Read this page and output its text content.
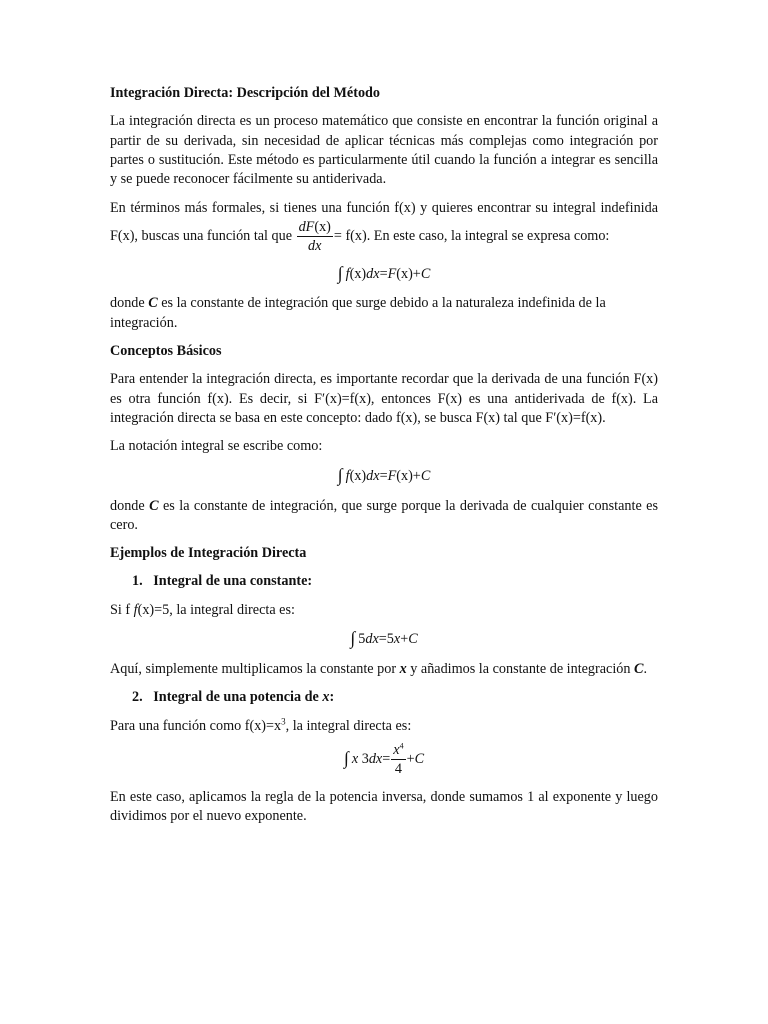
Integración Directa: Descripción del Método

La integración directa es un proceso matemático que consiste en encontrar la función original a partir de su derivada, sin necesidad de aplicar técnicas más complejas como integración por partes o sustitución. Este método es particularmente útil cuando la función a integrar es sencilla y se puede reconocer fácilmente su antiderivada.

En términos más formales, si tienes una función f(x) y quieres encontrar su integral indefinida F(x), buscas una función tal que $\frac{dF(x)}{dx} = f(x)$. En este caso, la integral se expresa como:

∫ f(x)dx=F(x)+C

donde C es la constante de integración que surge debido a la naturaleza indefinida de la integración.

Conceptos Básicos

Para entender la integración directa, es importante recordar que la derivada de una función F(x) es otra función f(x). Es decir, si F′(x)=f(x), entonces F(x) es una antiderivada de f(x). La integración directa se basa en este concepto: dado f(x), se busca F(x) tal que F′(x)=f(x).

La notación integral se escribe como:

∫ f(x)dx=F(x)+C

donde C es la constante de integración, que surge porque la derivada de cualquier constante es cero.

Ejemplos de Integración Directa

1.   Integral de una constante:

Si f f(x)=5, la integral directa es:

∫ 5dx=5x+C

Aquí, simplemente multiplicamos la constante por x y añadimos la constante de integración C.

2.   Integral de una potencia de x:

Para una función como $f(x)=x^3$, la integral directa es:

∫ x $3dx= \frac{x^4}{4} +C$

En este caso, aplicamos la regla de la potencia inversa, donde sumamos 1 al exponente y luego dividimos por el nuevo exponente.
